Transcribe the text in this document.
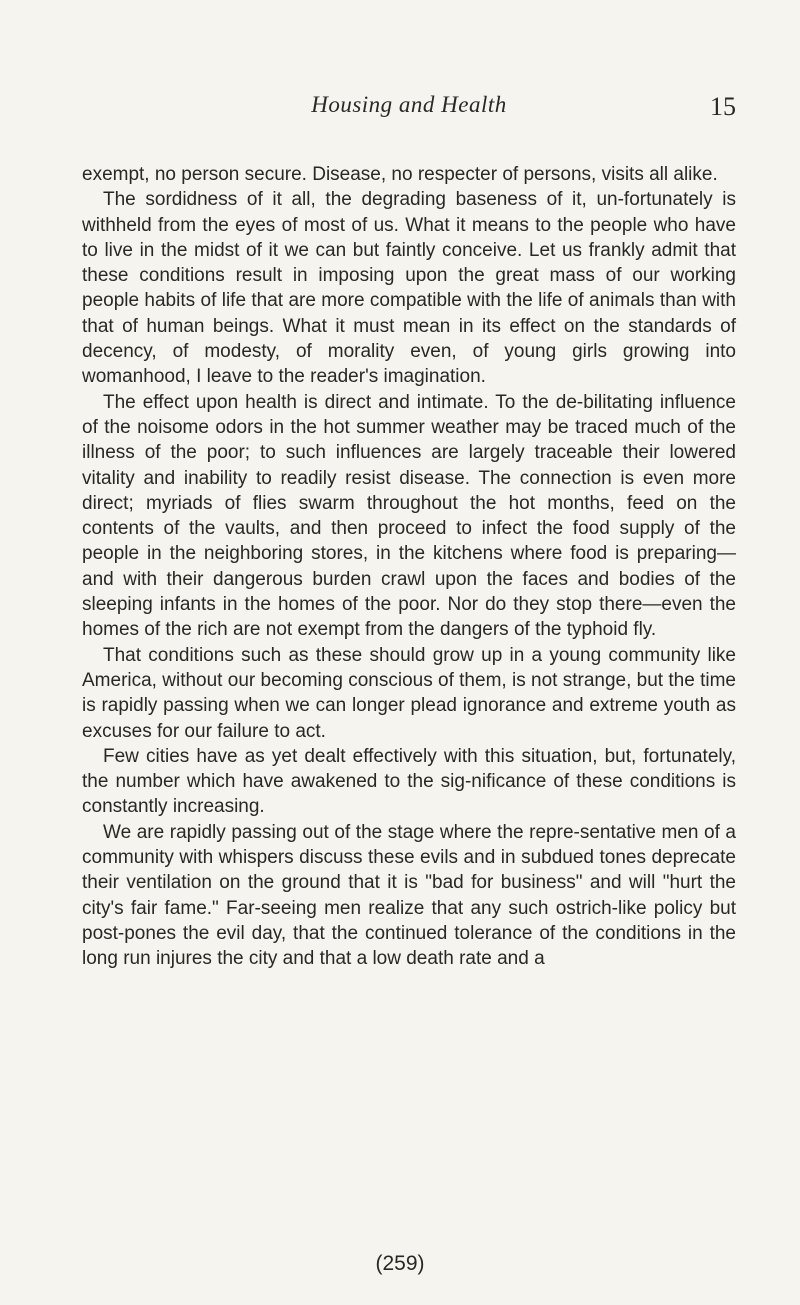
Housing and Health	15

exempt, no person secure. Disease, no respecter of persons, visits all alike.

The sordidness of it all, the degrading baseness of it, un-fortunately is withheld from the eyes of most of us. What it means to the people who have to live in the midst of it we can but faintly conceive. Let us frankly admit that these conditions result in imposing upon the great mass of our working people habits of life that are more compatible with the life of animals than with that of human beings. What it must mean in its effect on the standards of decency, of modesty, of morality even, of young girls growing into womanhood, I leave to the reader's imagination.

The effect upon health is direct and intimate. To the de-bilitating influence of the noisome odors in the hot summer weather may be traced much of the illness of the poor; to such influences are largely traceable their lowered vitality and inability to readily resist disease. The connection is even more direct; myriads of flies swarm throughout the hot months, feed on the contents of the vaults, and then proceed to infect the food supply of the people in the neighboring stores, in the kitchens where food is preparing—and with their dangerous burden crawl upon the faces and bodies of the sleeping infants in the homes of the poor. Nor do they stop there—even the homes of the rich are not exempt from the dangers of the typhoid fly.

That conditions such as these should grow up in a young community like America, without our becoming conscious of them, is not strange, but the time is rapidly passing when we can longer plead ignorance and extreme youth as excuses for our failure to act.

Few cities have as yet dealt effectively with this situation, but, fortunately, the number which have awakened to the sig-nificance of these conditions is constantly increasing.

We are rapidly passing out of the stage where the repre-sentative men of a community with whispers discuss these evils and in subdued tones deprecate their ventilation on the ground that it is "bad for business" and will "hurt the city's fair fame." Far-seeing men realize that any such ostrich-like policy but post-pones the evil day, that the continued tolerance of the conditions in the long run injures the city and that a low death rate and a

(259)
